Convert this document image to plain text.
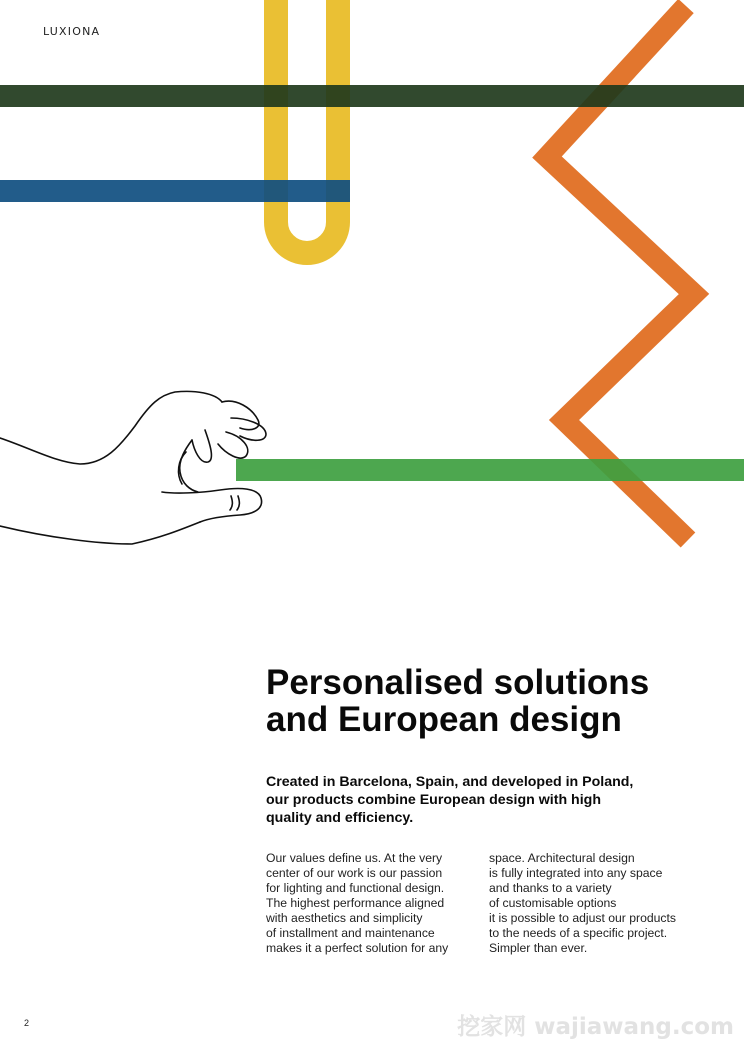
LUXIONA
Personalised solutions
and European design

Created in Barcelona, Spain, and developed in Poland,
our products combine European design with high
quality and efficiency.

Our values define us. At the very
center of our work is our passion
for lighting and functional design.
The highest performance aligned
with aesthetics and simplicity
of installment and maintenance
makes it a perfect solution for any
space. Architectural design
is fully integrated into any space
and thanks to a variety
of customisable options
it is possible to adjust our products
to the needs of a specific project.
Simpler than ever.
2	挖家网 wajiawang.com
